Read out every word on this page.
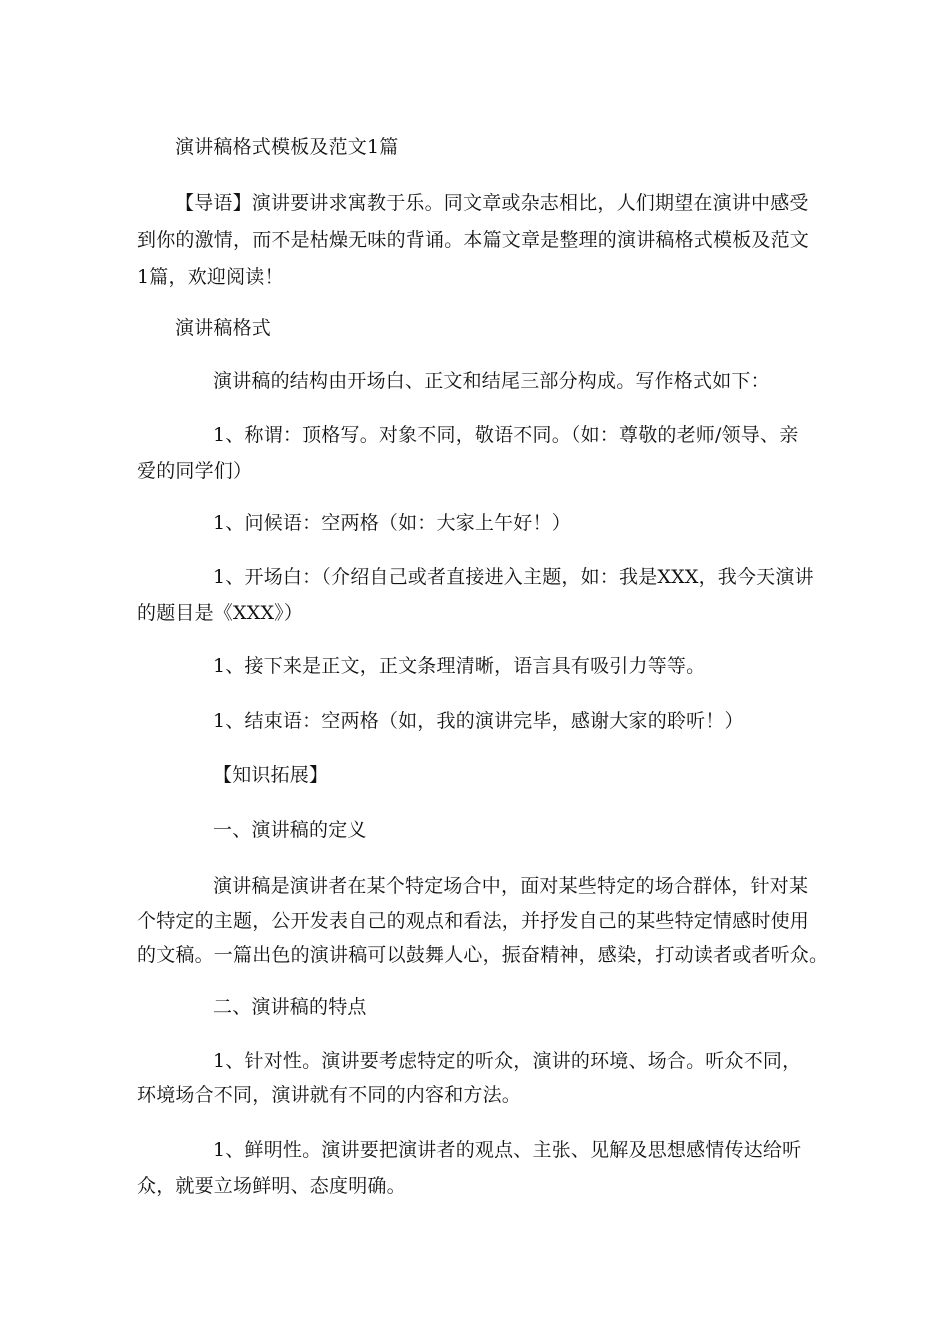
演讲稿格式模板及范文1篇
【导语】演讲要讲求寓教于乐。同文章或杂志相比，人们期望在演讲中感受
到你的激情，而不是枯燥无味的背诵。本篇文章是整理的演讲稿格式模板及范文
1篇，欢迎阅读！
演讲稿格式
演讲稿的结构由开场白、正文和结尾三部分构成。写作格式如下：
1、称谓：顶格写。对象不同，敬语不同。（如：尊敬的老师/领导、亲
爱的同学们）
1、问候语：空两格（如：大家上午好！）
1、开场白：（介绍自己或者直接进入主题，如：我是XXX，我今天演讲
的题目是《XXX》）
1、接下来是正文，正文条理清晰，语言具有吸引力等等。
1、结束语：空两格（如，我的演讲完毕，感谢大家的聆听！）
【知识拓展】
一、演讲稿的定义
演讲稿是演讲者在某个特定场合中，面对某些特定的场合群体，针对某
个特定的主题，公开发表自己的观点和看法，并抒发自己的某些特定情感时使用
的文稿。一篇出色的演讲稿可以鼓舞人心，振奋精神，感染，打动读者或者听众。
二、演讲稿的特点
1、针对性。演讲要考虑特定的听众，演讲的环境、场合。听众不同，
环境场合不同，演讲就有不同的内容和方法。
1、鲜明性。演讲要把演讲者的观点、主张、见解及思想感情传达给听
众，就要立场鲜明、态度明确。
